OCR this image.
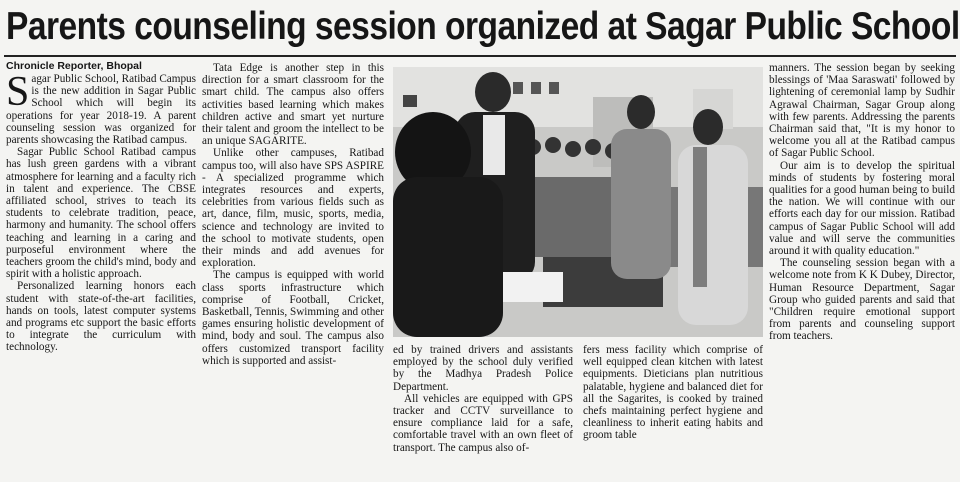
Parents counseling session organized at Sagar Public School
Chronicle Reporter, Bhopal

Sagar Public School, Ratibad Campus is the new addition in Sagar Public School which will begin its operations for year 2018-19. A parent counseling session was organized for parents showcasing the Ratibad campus.

Sagar Public School Ratibad campus has lush green gardens with a vibrant atmosphere for learning and a faculty rich in talent and experience. The CBSE affiliated school, strives to teach its students to celebrate tradition, peace, harmony and humanity. The school offers teaching and learning in a caring and purposeful environment where the teachers groom the child's mind, body and spirit with a holistic approach.

Personalized learning honors each student with state-of-the-art facilities, hands on tools, latest computer systems and programs etc support the basic efforts to integrate the curriculum with technology.

Tata Edge is another step in this direction for a smart classroom for the smart child. The campus also offers activities based learning which makes children active and smart yet nurture their talent and groom the intellect to be an unique SAGARITE.

Unlike other campuses, Ratibad campus too, will also have SPS ASPIRE - A specialized programme which integrates resources and experts, celebrities from various fields such as art, dance, film, music, sports, media, science and technology are invited to the school to motivate students, open their minds and add avenues for exploration.

The campus is equipped with world class sports infrastructure which comprise of Football, Cricket, Basketball, Tennis, Swimming and other games ensuring holistic development of mind, body and soul. The campus also offers customized transport facility which is supported and assist-

ed by trained drivers and assistants employed by the school duly verified by the Madhya Pradesh Police Department.

All vehicles are equipped with GPS tracker and CCTV surveillance to ensure compliance laid for a safe, comfortable travel with an own fleet of transport. The campus also of-

fers mess facility which comprise of well equipped clean kitchen with latest equipments. Dieticians plan nutritious palatable, hygiene and balanced diet for all the Sagarites, is cooked by trained chefs maintaining perfect hygiene and cleanliness to inherit eating habits and groom table

manners. The session began by seeking blessings of 'Maa Saraswati' followed by lightening of ceremonial lamp by Sudhir Agrawal Chairman, Sagar Group along with few parents. Addressing the parents Chairman said that, "It is my honor to welcome you all at the Ratibad campus of Sagar Public School.

Our aim is to develop the spiritual minds of students by fostering moral qualities for a good human being to build the nation. We will continue with our efforts each day for our mission. Ratibad campus of Sagar Public School will add value and will serve the communities around it with quality education."

The counseling session began with a welcome note from K K Dubey, Director, Human Resource Department, Sagar Group who guided parents and said that "Children require emotional support from parents and counseling support from teachers.
